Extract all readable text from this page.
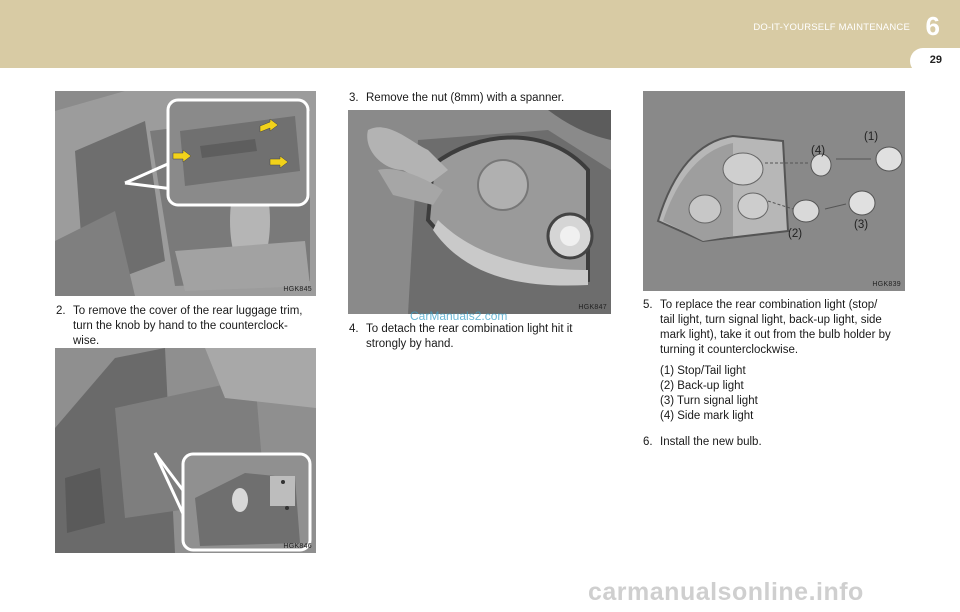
DO-IT-YOURSELF MAINTENANCE 6
29
HGK845
2. To remove the cover of the rear luggage trim,
turn the knob by hand to the counterclock-
wise.
HGK846
3. Remove the nut (8mm) with a spanner.
HGK847
CarManuals2.com
4. To detach the rear combination light hit it
strongly by hand.
(4)
(1)
(3)
(2)
HGK839
5. To replace the rear combination light (stop/
tail light, turn signal light, back-up light, side
mark light), take it out from the bulb holder by
turning it counterclockwise.
(1) Stop/Tail light
(2) Back-up light
(3) Turn signal light
(4) Side mark light
6. Install the new bulb.
carmanualsonline.info
